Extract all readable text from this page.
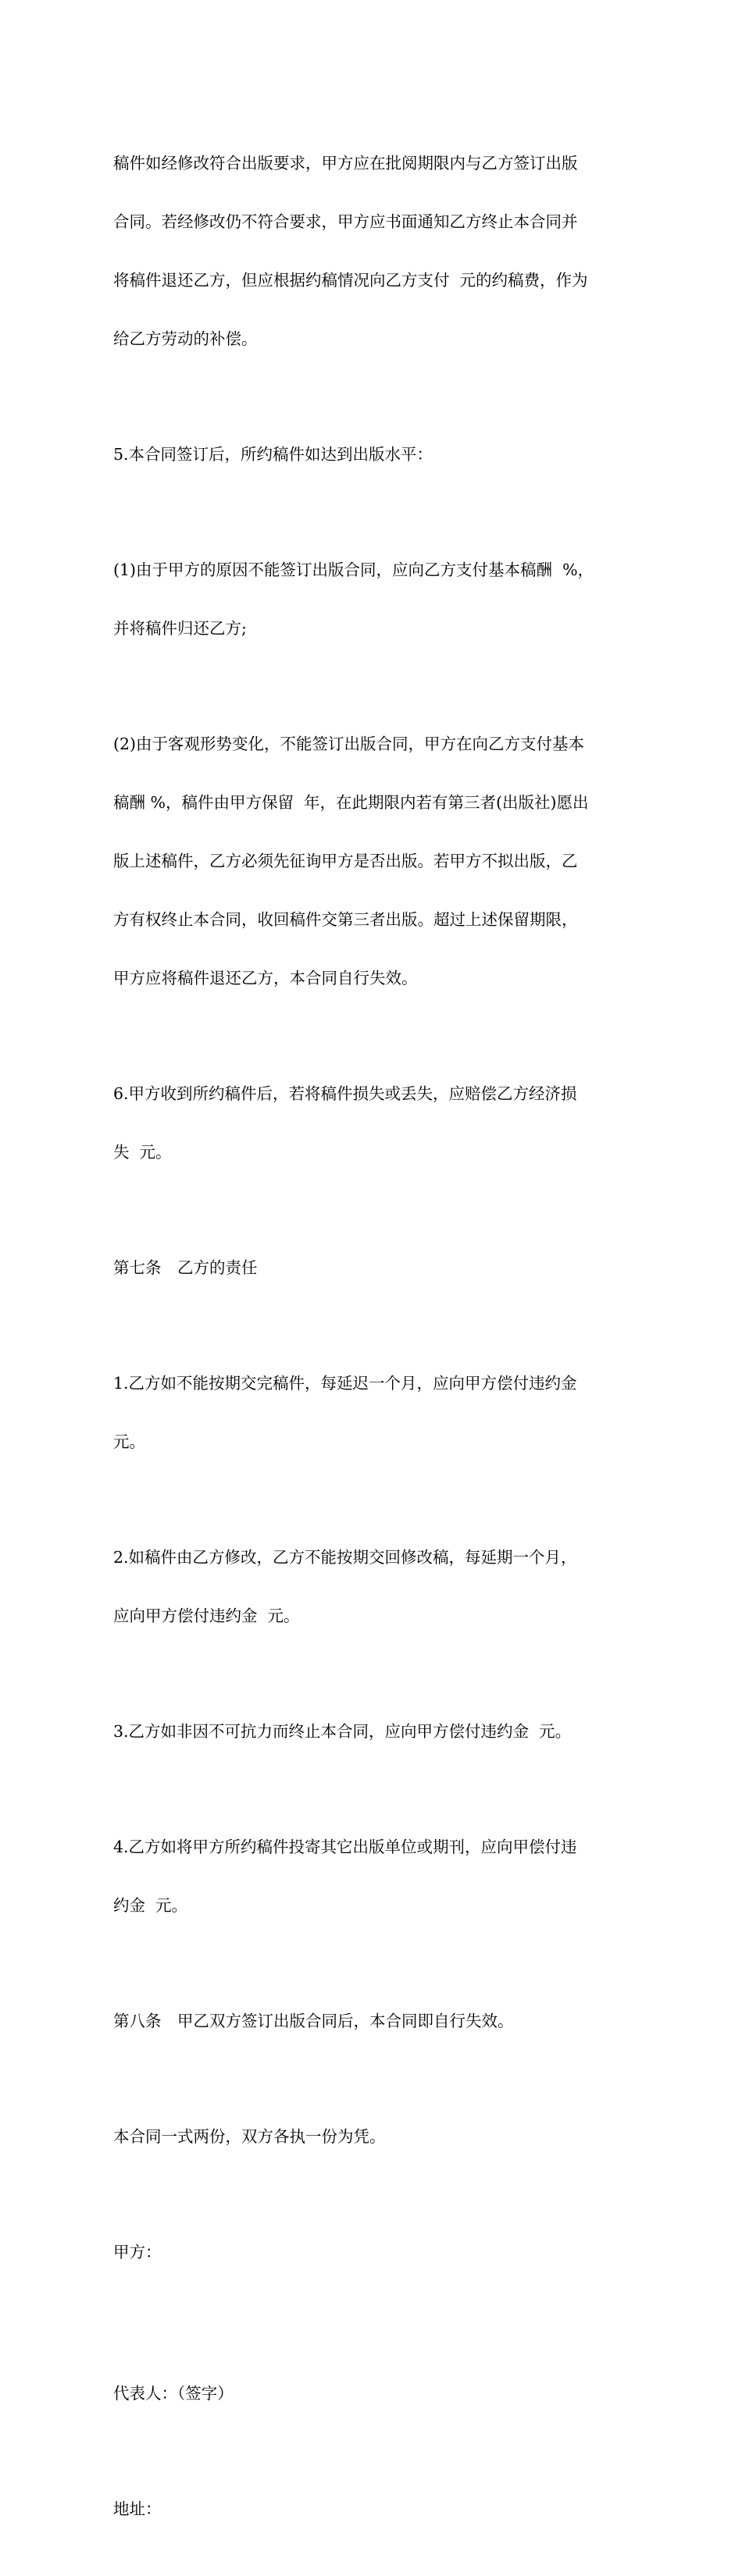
稿件如经修改符合出版要求，甲方应在批阅期限内与乙方签订出版

合同。若经修改仍不符合要求，甲方应书面通知乙方终止本合同并

将稿件退还乙方，但应根据约稿情况向乙方支付  元的约稿费，作为

给乙方劳动的补偿。

5.本合同签订后，所约稿件如达到出版水平：

(1)由于甲方的原因不能签订出版合同，应向乙方支付基本稿酬  %，

并将稿件归还乙方;

(2)由于客观形势变化，不能签订出版合同，甲方在向乙方支付基本

稿酬 %，稿件由甲方保留  年，在此期限内若有第三者(出版社)愿出

版上述稿件，乙方必须先征询甲方是否出版。若甲方不拟出版，乙

方有权终止本合同，收回稿件交第三者出版。超过上述保留期限，

甲方应将稿件退还乙方，本合同自行失效。

6.甲方收到所约稿件后，若将稿件损失或丢失，应赔偿乙方经济损

失  元。

第七条　乙方的责任

1.乙方如不能按期交完稿件，每延迟一个月，应向甲方偿付违约金

元。

2.如稿件由乙方修改，乙方不能按期交回修改稿，每延期一个月，

应向甲方偿付违约金  元。

3.乙方如非因不可抗力而终止本合同，应向甲方偿付违约金  元。

4.乙方如将甲方所约稿件投寄其它出版单位或期刊，应向甲偿付违

约金  元。

第八条　甲乙双方签订出版合同后，本合同即自行失效。

本合同一式两份，双方各执一份为凭。

甲方：

代表人：（签字）

地址：
